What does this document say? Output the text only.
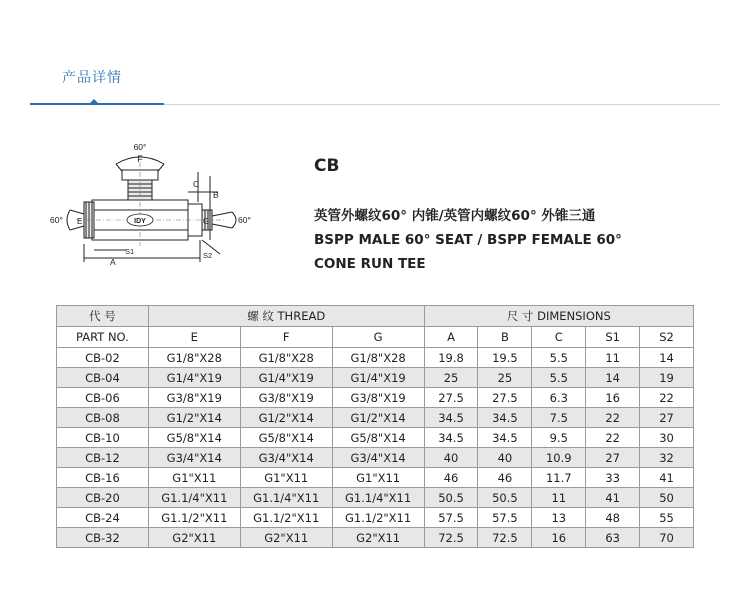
产品详情
IDY
60°
F
60° E
C
B
G	60°
A
S1	S2
CB
英管外螺纹60° 内锥/英管内螺纹60° 外锥三通
BSPP MALE 60° SEAT / BSPP FEMALE 60°
CONE RUN TEE
代 号	螺 纹 THREAD			尺 寸 DIMENSIONS				
PART NO.	E	F	G	A	B	C	S1	S2
CB-02	G1/8"X28	G1/8"X28	G1/8"X28	19.8	19.5	5.5	11	14
CB-04	G1/4"X19	G1/4"X19	G1/4"X19	25	25	5.5	14	19
CB-06	G3/8"X19	G3/8"X19	G3/8"X19	27.5	27.5	6.3	16	22
CB-08	G1/2"X14	G1/2"X14	G1/2"X14	34.5	34.5	7.5	22	27
CB-10	G5/8"X14	G5/8"X14	G5/8"X14	34.5	34.5	9.5	22	30
CB-12	G3/4"X14	G3/4"X14	G3/4"X14	40	40	10.9	27	32
CB-16	G1"X11	G1"X11	G1"X11	46	46	11.7	33	41
CB-20	G1.1/4"X11	G1.1/4"X11	G1.1/4"X11	50.5	50.5	11	41	50
CB-24	G1.1/2"X11	G1.1/2"X11	G1.1/2"X11	57.5	57.5	13	48	55
CB-32	G2"X11	G2"X11	G2"X11	72.5	72.5	16	63	70
